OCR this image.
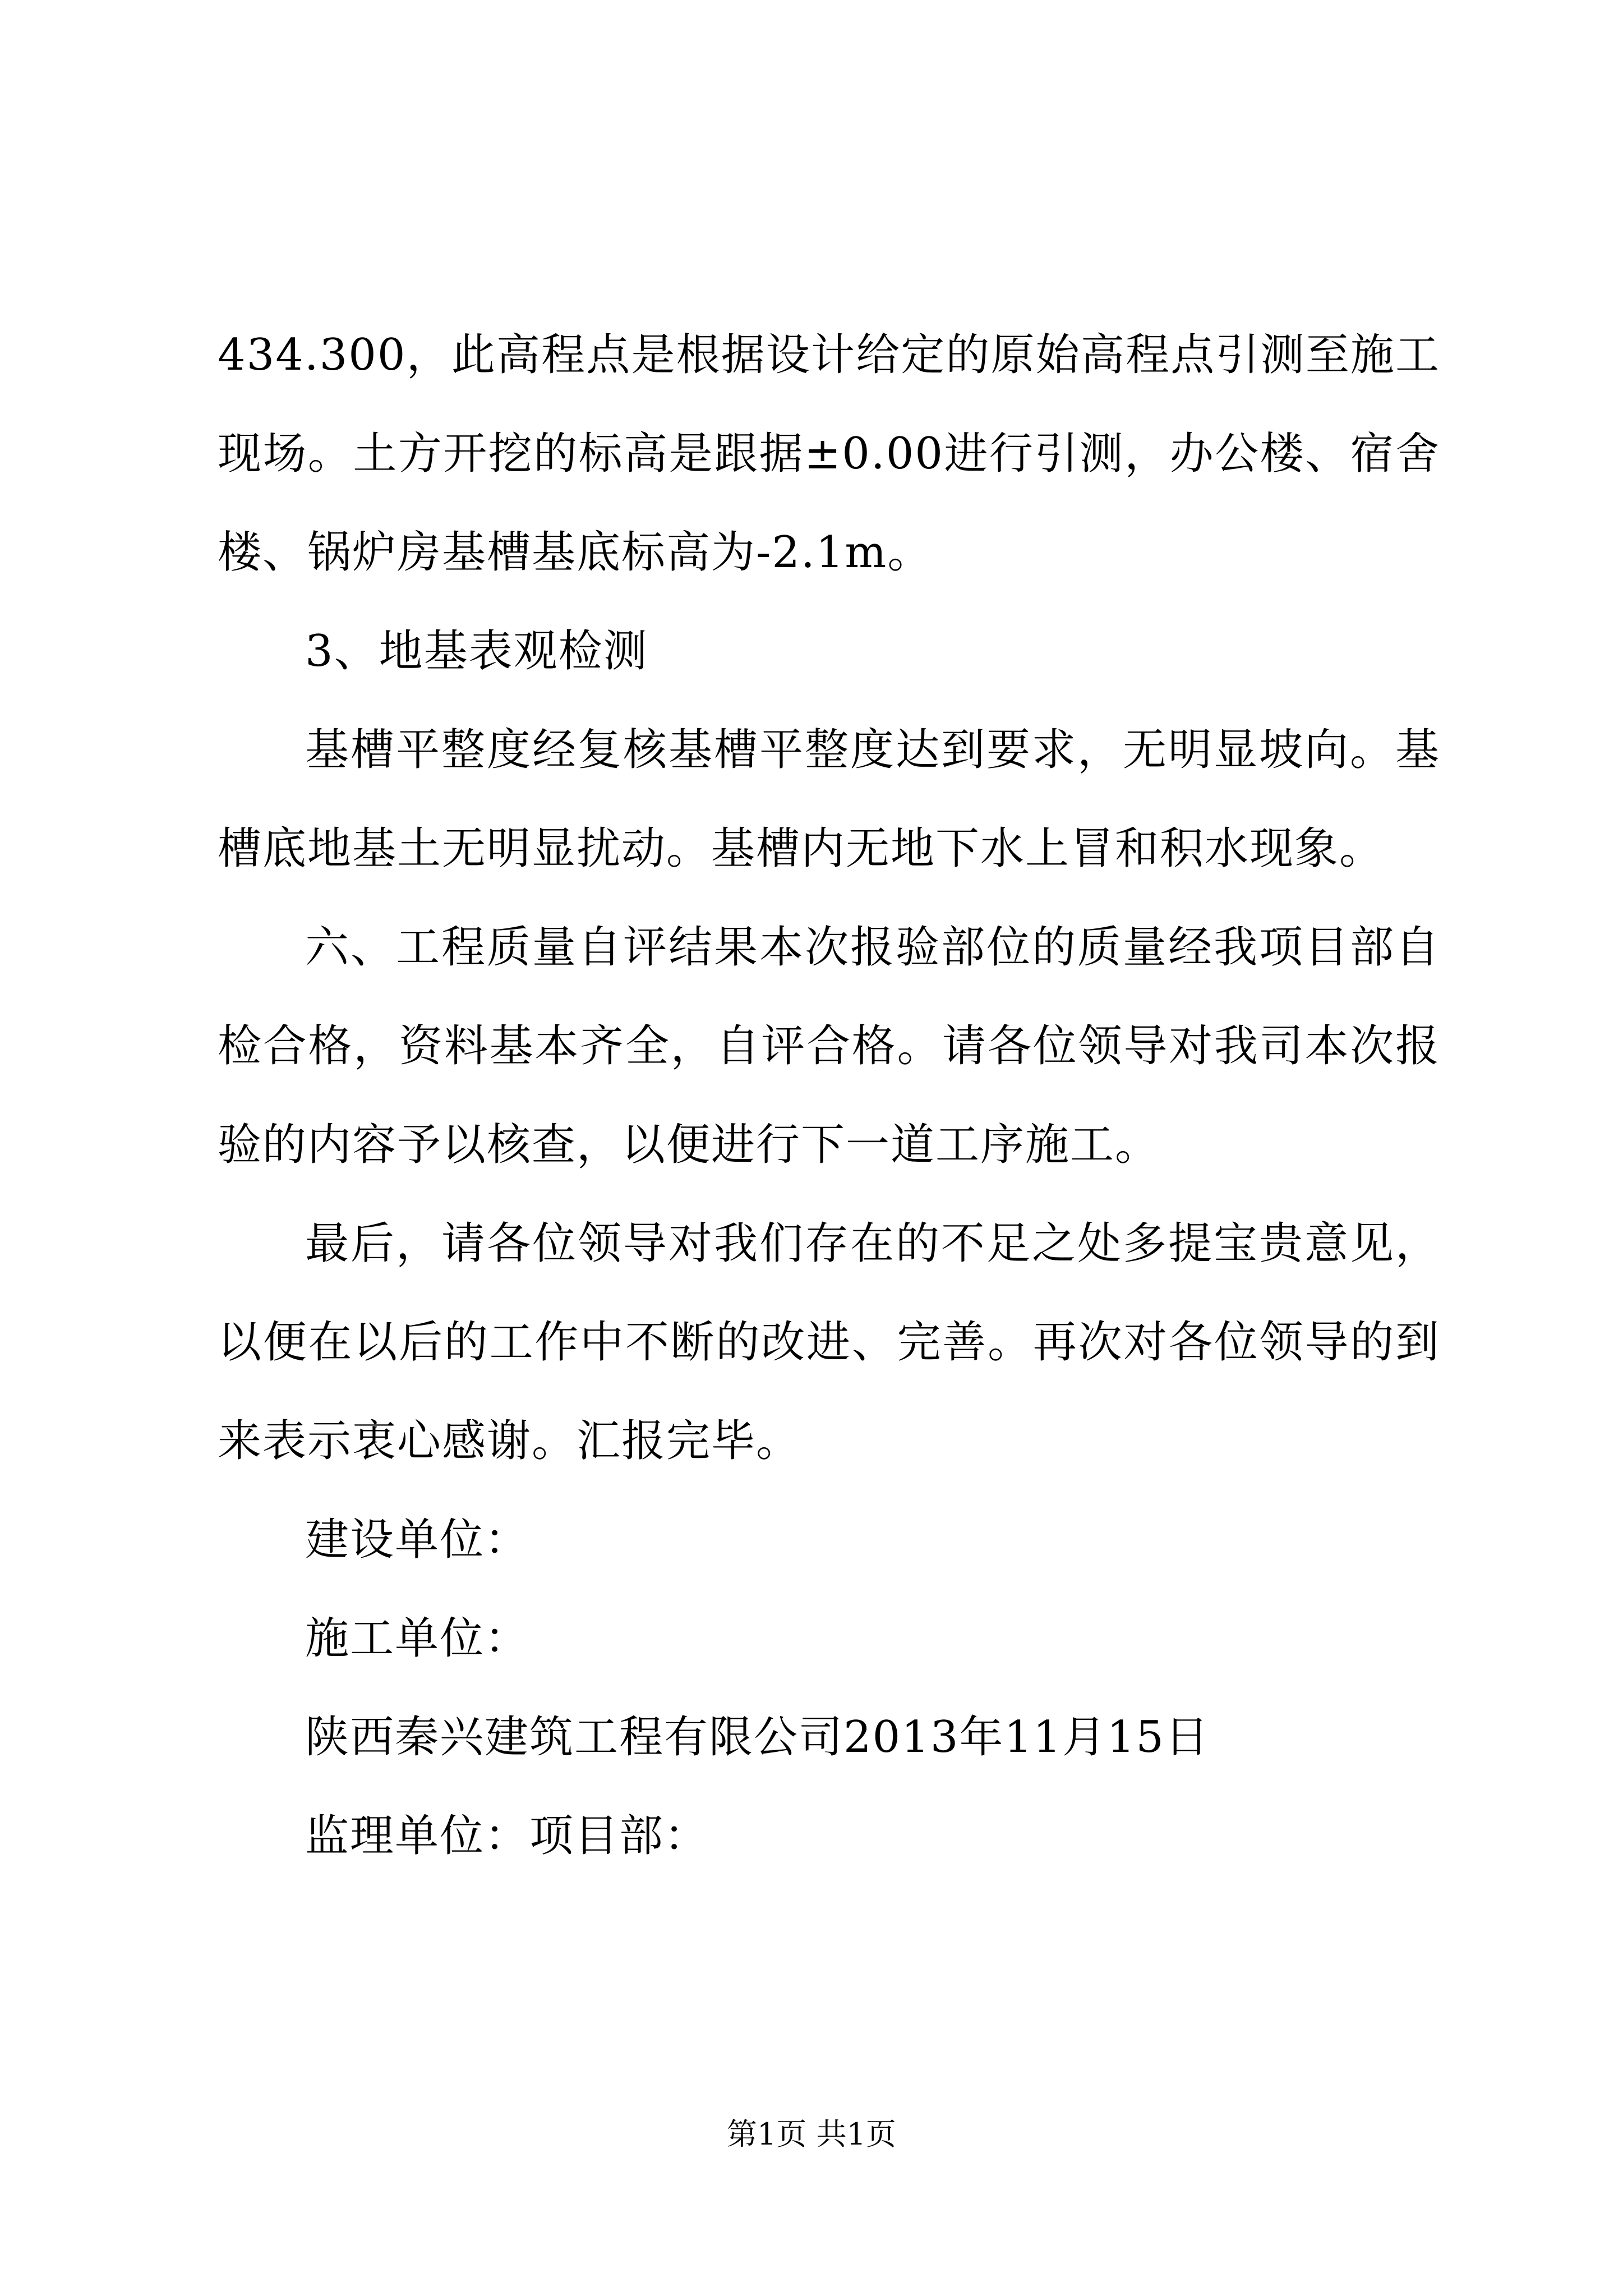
434.300，此高程点是根据设计给定的原始高程点引测至施工现场。土方开挖的标高是跟据±0.00进行引测，办公楼、宿舍楼、锅炉房基槽基底标高为-2.1m。

3、地基表观检测

基槽平整度经复核基槽平整度达到要求，无明显坡向。基槽底地基土无明显扰动。基槽内无地下水上冒和积水现象。

六、工程质量自评结果本次报验部位的质量经我项目部自检合格，资料基本齐全，自评合格。请各位领导对我司本次报验的内容予以核查，以便进行下一道工序施工。

最后，请各位领导对我们存在的不足之处多提宝贵意见，以便在以后的工作中不断的改进、完善。再次对各位领导的到来表示衷心感谢。汇报完毕。

建设单位：

施工单位：

陕西秦兴建筑工程有限公司2013年11月15日

监理单位：项目部：

第1页 共1页
